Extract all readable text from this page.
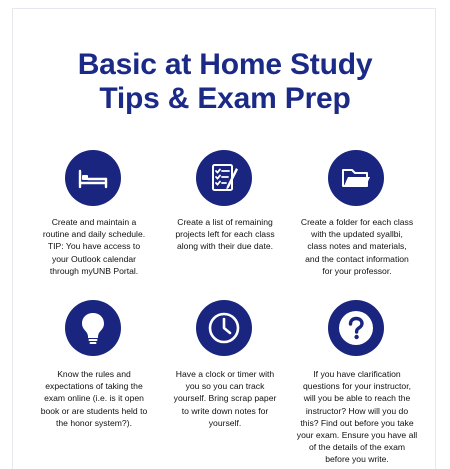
Basic at Home Study
Tips & Exam Prep
Create and maintain a
routine and daily schedule.
TIP: You have access to
your Outlook calendar
through myUNB Portal.
Create a list of remaining
projects left for each class
along with their due date.
Create a folder for each class
with the updated syallbi,
class notes and materials,
and the contact information
for your professor.
Know the rules and
expectations of taking the
exam online (i.e. is it open
book or are students held to
the honor system?).
Have a clock or timer with
you so you can track
yourself. Bring scrap paper
to write down notes for
yourself.
If you have clarification
questions for your instructor,
will you be able to reach the
instructor? How will you do
this? Find out before you take
your exam. Ensure you have all
of the details of the exam
before you write.
